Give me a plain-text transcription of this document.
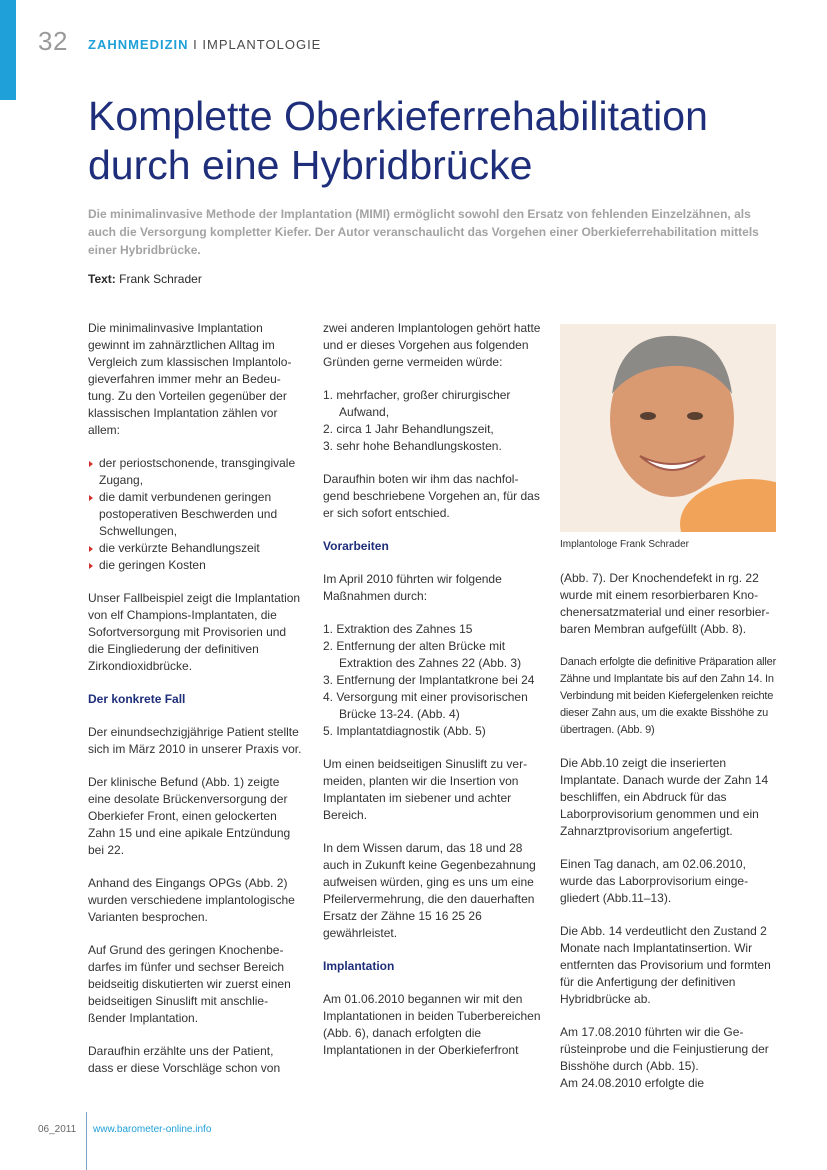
32 ZAHNMEDIZIN I IMPLANTOLOGIE
Komplette Oberkieferrehabilitation
durch eine Hybridbrücke

Die minimalinvasive Methode der Implantation (MIMI) ermöglicht sowohl den Ersatz von fehlenden Einzelzähnen, als auch die Versorgung kompletter Kiefer. Der Autor veranschaulicht das Vorgehen einer Oberkieferrehabilitation mittels einer Hybridbrücke.

Text: Frank Schrader

Die minimalinvasive Implantation gewinnt im zahnärztlichen Alltag im Vergleich zum klassischen Implantologieverfahren immer mehr an Bedeutung. Zu den Vorteilen gegenüber der klassischen Implantation zählen vor allem:

der periostschonende, transgingivale Zugang,
die damit verbundenen geringen postoperativen Beschwerden und Schwellungen,
die verkürzte Behandlungszeit
die geringen Kosten

Unser Fallbeispiel zeigt die Implantation von elf Champions-Implantaten, die Sofortversorgung mit Provisorien und die Eingliederung der definitiven Zirkondioxidbrücke.

Der konkrete Fall

Der einundsechzigjährige Patient stellte sich im März 2010 in unserer Praxis vor.

Der klinische Befund (Abb. 1) zeigte eine desolate Brückenversorgung der Oberkiefer Front, einen gelockerten Zahn 15 und eine apikale Entzündung bei 22.

Anhand des Eingangs OPGs (Abb. 2) wurden verschiedene implantologische Varianten besprochen.

Auf Grund des geringen Knochenbedarfes im fünfer und sechser Bereich beidseitig diskutierten wir zuerst einen beidseitigen Sinuslift mit anschließender Implantation.

Daraufhin erzählte uns der Patient, dass er diese Vorschläge schon von

zwei anderen Implantologen gehört hatte und er dieses Vorgehen aus folgenden Gründen gerne vermeiden würde:

1. mehrfacher, großer chirurgischer Aufwand,
2. circa 1 Jahr Behandlungszeit,
3. sehr hohe Behandlungskosten.

Daraufhin boten wir ihm das nachfolgend beschriebene Vorgehen an, für das er sich sofort entschied.

Vorarbeiten

Im April 2010 führten wir folgende Maßnahmen durch:

1. Extraktion des Zahnes 15
2. Entfernung der alten Brücke mit Extraktion des Zahnes 22 (Abb. 3)
3. Entfernung der Implantatkrone bei 24
4. Versorgung mit einer provisorischen Brücke 13-24. (Abb. 4)
5. Implantatdiagnostik (Abb. 5)

Um einen beidseitigen Sinuslift zu vermeiden, planten wir die Insertion von Implantaten im siebener und achter Bereich.

In dem Wissen darum, das 18 und 28 auch in Zukunft keine Gegenbezahnung aufweisen würden, ging es uns um eine Pfeilervermehrung, die den dauerhaften Ersatz der Zähne 15 16 25 26 gewährleistet.

Implantation

Am 01.06.2010 begannen wir mit den Implantationen in beiden Tuberbereichen (Abb. 6), danach erfolgten die Implantationen in der Oberkieferfront

Implantologe Frank Schrader

(Abb. 7). Der Knochendefekt in rg. 22 wurde mit einem resorbierbaren Knochenersatzmaterial und einer resorbierbaren Membran aufgefüllt (Abb. 8).

Danach erfolgte die definitive Präparation aller Zähne und Implantate bis auf den Zahn 14. In Verbindung mit beiden Kiefergelenken reichte dieser Zahn aus, um die exakte Bisshöhe zu übertragen. (Abb. 9)

Die Abb.10 zeigt die inserierten Implantate. Danach wurde der Zahn 14 beschliffen, ein Abdruck für das Laborprovisorium genommen und ein Zahnarztprovisorium angefertigt.

Einen Tag danach, am 02.06.2010, wurde das Laborprovisorium eingegliedert (Abb.11–13).

Die Abb. 14 verdeutlicht den Zustand 2 Monate nach Implantatinsertion. Wir entfernten das Provisorium und formten für die Anfertigung der definitiven Hybridbrücke ab.

Am 17.08.2010 führten wir die Gerüsteinprobe und die Feinjustierung der Bisshöhe durch (Abb. 15).

Am 24.08.2010 erfolgte die

06_2011 www.barometer-online.info
